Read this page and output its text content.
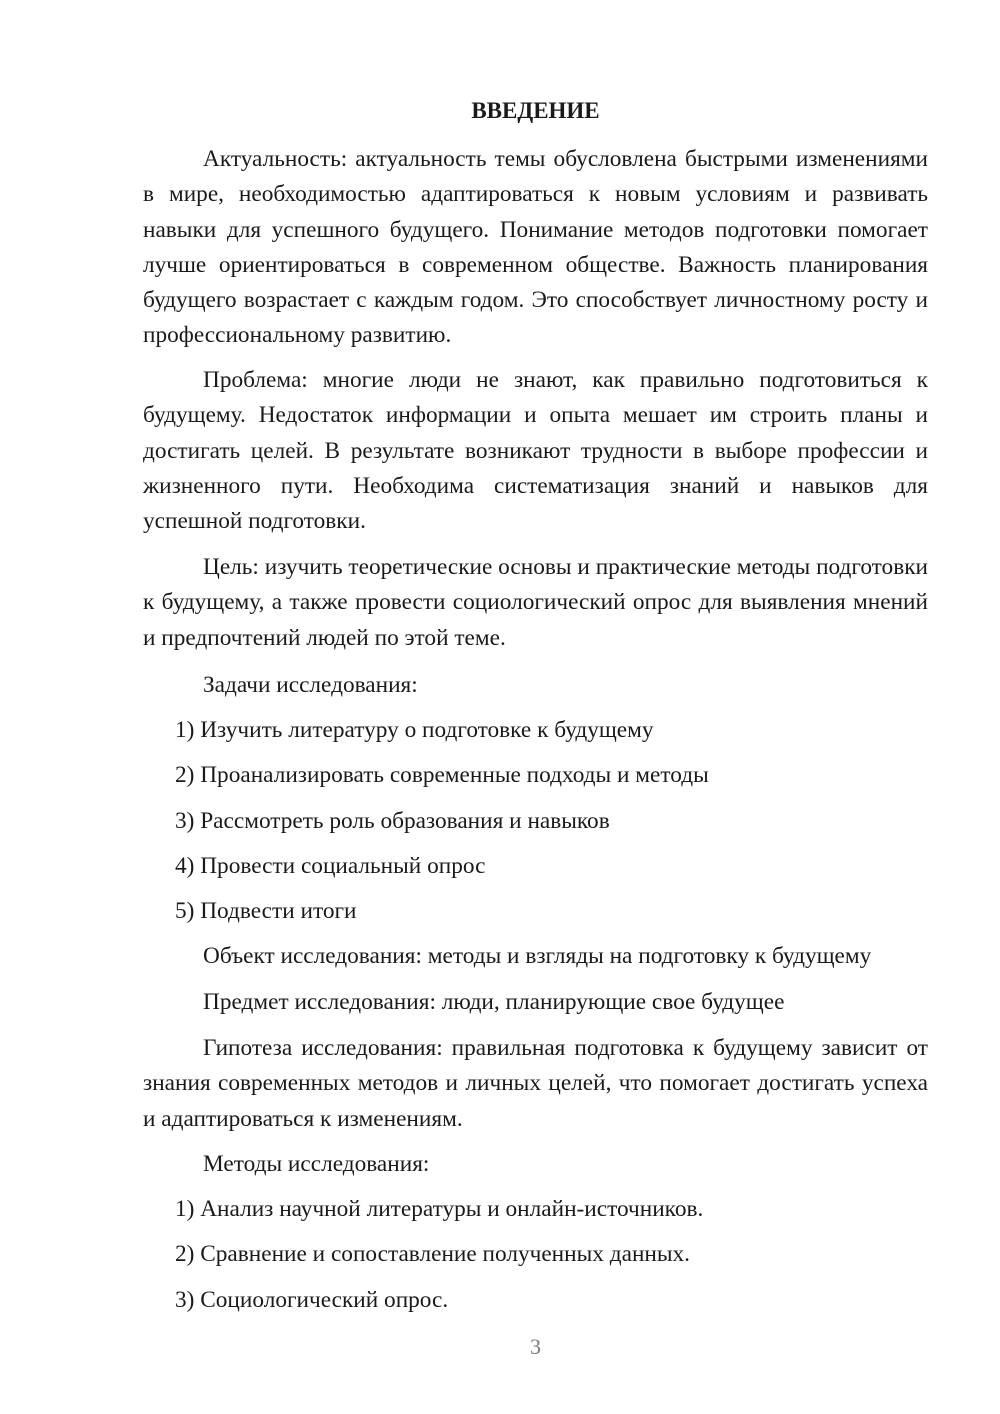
ВВЕДЕНИЕ

Актуальность: актуальность темы обусловлена быстрыми изменениями в мире, необходимостью адаптироваться к новым условиям и развивать навыки для успешного будущего. Понимание методов подготовки помогает лучше ориентироваться в современном обществе. Важность планирования будущего возрастает с каждым годом. Это способствует личностному росту и профессиональному развитию.

Проблема: многие люди не знают, как правильно подготовиться к будущему. Недостаток информации и опыта мешает им строить планы и достигать целей. В результате возникают трудности в выборе профессии и жизненного пути. Необходима систематизация знаний и навыков для успешной подготовки.

Цель: изучить теоретические основы и практические методы подготовки к будущему, а также провести социологический опрос для выявления мнений и предпочтений людей по этой теме.

Задачи исследования:

1) Изучить литературу о подготовке к будущему

2) Проанализировать современные подходы и методы

3) Рассмотреть роль образования и навыков

4) Провести социальный опрос

5) Подвести итоги

Объект исследования: методы и взгляды на подготовку к будущему

Предмет исследования: люди, планирующие свое будущее

Гипотеза исследования: правильная подготовка к будущему зависит от знания современных методов и личных целей, что помогает достигать успеха и адаптироваться к изменениям.

Методы исследования:

1) Анализ научной литературы и онлайн-источников.

2) Сравнение и сопоставление полученных данных.

3) Социологический опрос.

3
